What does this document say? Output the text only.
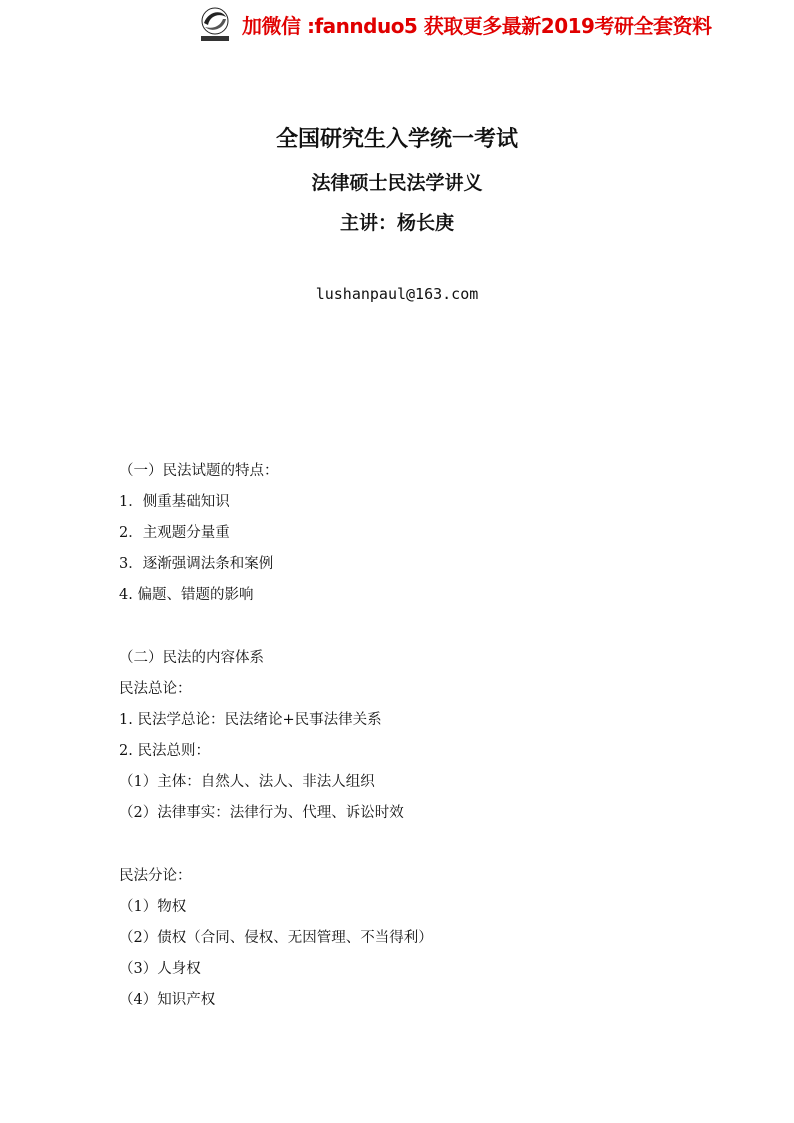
加微信 :fannduo5 获取更多最新2019考研全套资料
全国研究生入学统一考试
法律硕士民法学讲义
主讲：杨长庚
lushanpaul@163.com
（一）民法试题的特点：
1．侧重基础知识
2．主观题分量重
3．逐渐强调法条和案例
4. 偏题、错题的影响
（二）民法的内容体系
民法总论：
1. 民法学总论：民法绪论+民事法律关系
2. 民法总则：
（1）主体：自然人、法人、非法人组织
（2）法律事实：法律行为、代理、诉讼时效
民法分论：
（1）物权
（2）债权（合同、侵权、无因管理、不当得利）
（3）人身权
（4）知识产权
